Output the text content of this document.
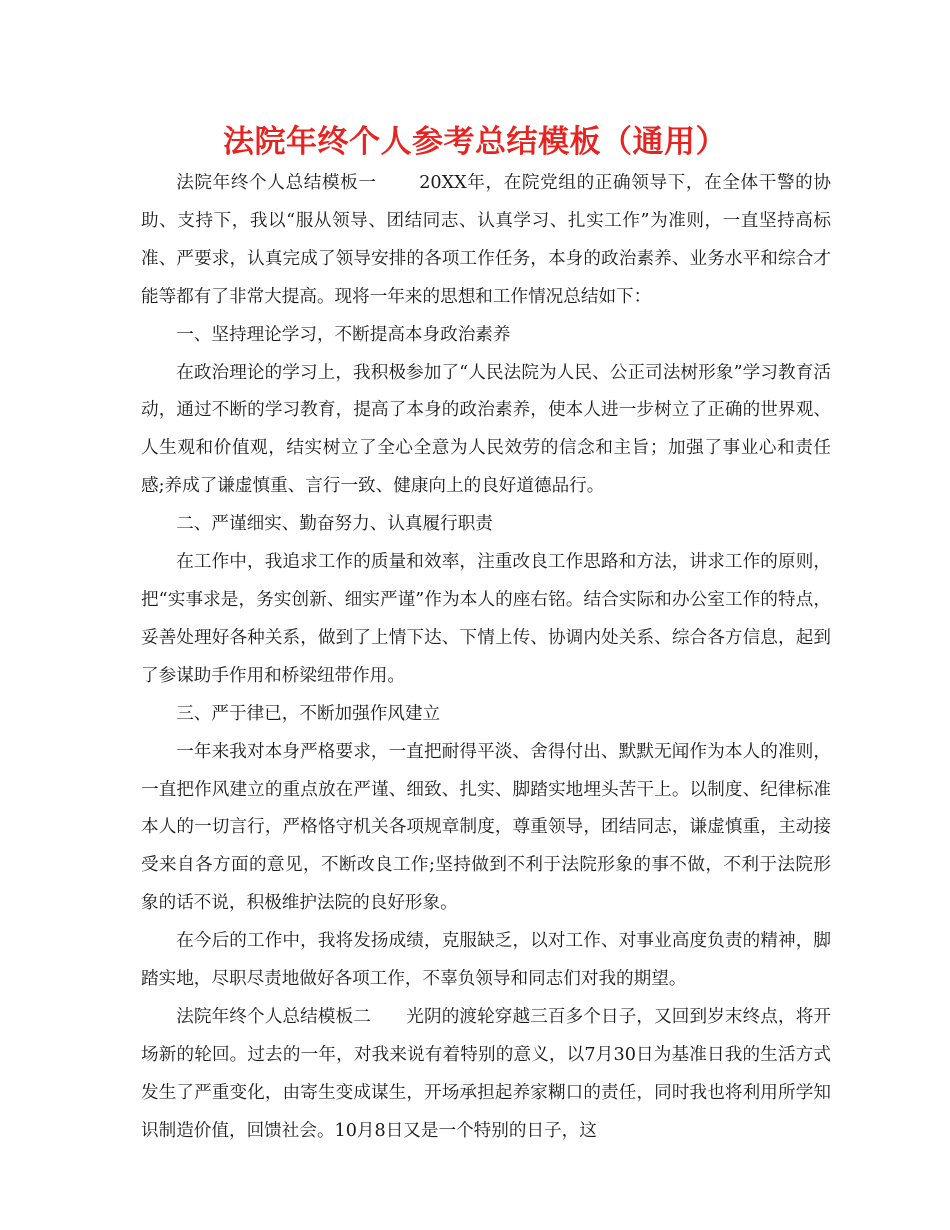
法院年终个人参考总结模板（通用）

法院年终个人总结模板一　　 20XX年，在院党组的正确领导下，在全体干警的协助、支持下，我以“服从领导、团结同志、认真学习、扎实工作”为准则，一直坚持高标准、严要求，认真完成了领导安排的各项工作任务，本身的政治素养、业务水平和综合才能等都有了非常大提高。现将一年来的思想和工作情况总结如下：

一、坚持理论学习，不断提高本身政治素养

在政治理论的学习上，我积极参加了“人民法院为人民、公正司法树形象”学习教育活动，通过不断的学习教育，提高了本身的政治素养，使本人进一步树立了正确的世界观、人生观和价值观，结实树立了全心全意为人民效劳的信念和主旨；加强了事业心和责任感;养成了谦虚慎重、言行一致、健康向上的良好道德品行。

二、严谨细实、勤奋努力、认真履行职责

在工作中，我追求工作的质量和效率，注重改良工作思路和方法，讲求工作的原则，把“实事求是，务实创新、细实严谨”作为本人的座右铭。结合实际和办公室工作的特点，妥善处理好各种关系，做到了上情下达、下情上传、协调内处关系、综合各方信息，起到了参谋助手作用和桥梁纽带作用。

三、严于律已，不断加强作风建立

一年来我对本身严格要求，一直把耐得平淡、舍得付出、默默无闻作为本人的准则，一直把作风建立的重点放在严谨、细致、扎实、脚踏实地埋头苦干上。以制度、纪律标准本人的一切言行，严格恪守机关各项规章制度，尊重领导，团结同志，谦虚慎重，主动接受来自各方面的意见，不断改良工作;坚持做到不利于法院形象的事不做，不利于法院形象的话不说，积极维护法院的良好形象。

在今后的工作中，我将发扬成绩，克服缺乏，以对工作、对事业高度负责的精神，脚踏实地，尽职尽责地做好各项工作，不辜负领导和同志们对我的期望。

法院年终个人总结模板二　　光阴的渡轮穿越三百多个日子，又回到岁末终点，将开场新的轮回。过去的一年，对我来说有着特别的意义，以7月30日为基准日我的生活方式发生了严重变化，由寄生变成谋生，开场承担起养家糊口的责任，同时我也将利用所学知识制造价值，回馈社会。10月8日又是一个特别的日子，这
